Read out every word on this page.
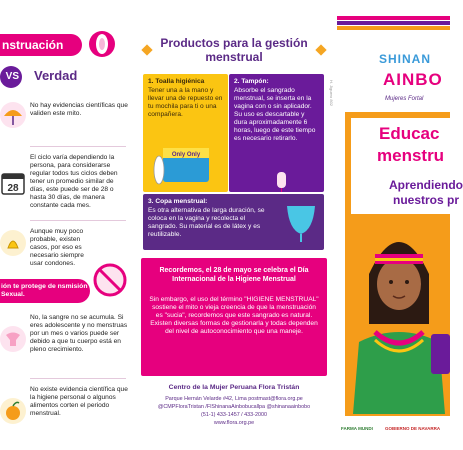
nstruación
VS Verdad
No hay evidencias científicas que validen este mito.
28
El ciclo varía dependiendo la persona, para considerarse regular todos tus ciclos deben tener un promedio similar de días, este puede ser de 28 o hasta 30 días, de manera constante cada mes.
Aunque muy poco probable, existen casos, por eso es necesario siempre usar condones.
ión te protege de nsmisión Sexual.
No, la sangre no se acumula. Si eres adolescente y no menstruas por un mes o varios puede ser debido a que tu cuerpo está en pleno crecimiento.
No existe evidencia científica que la higiene personal o algunos alimentos corten el periodo menstrual.
Productos para la gestión menstrual
1. Toalla higiénica
Tener una a la mano y llevar una de repuesto en tu mochila para ti o una compañera.
Only Only
2. Tampón:
Absorbe el sangrado menstrual, se inserta en la vagina con o sin aplicador. Su uso es descartable y dura aproximadamente 6 horas, luego de este tiempo es necesario retirarlo.
3. Copa menstrual:
Es otra alternativa de larga duración, se coloca en la vagina y recolecta el sangrado. Su material es de látex y es reutilizable.
Recordemos, el 28 de mayo se celebra el Día Internacional de la Higiene Menstrual
Sin embargo, el uso del término "HIGIENE MENSTRUAL" sostiene el mito o vieja creencia de que la menstruación es "sucia", recordemos que este sangrado es natural. Existen diversas formas de gestionarla y todas dependen del nivel de autoconocimiento que una maneje.
Centro de la Mujer Peruana Flora Tristán
Parque Hernán Velarde #42, Lima postmast@flora.org.pe
@CMPFloraTristan /FlShinanaAinbobucallpa @shinanaainbobo
(51-1) 433-1457 / 433-2000
www.flora.org.pe
H. Jiguero 802
SHINAN
AINBO
Mujeres Fortal
Educac
menstru
Aprendiendo
nuestros pr
FARMA MUNDI	GOBIERNO DE NAVARRA
